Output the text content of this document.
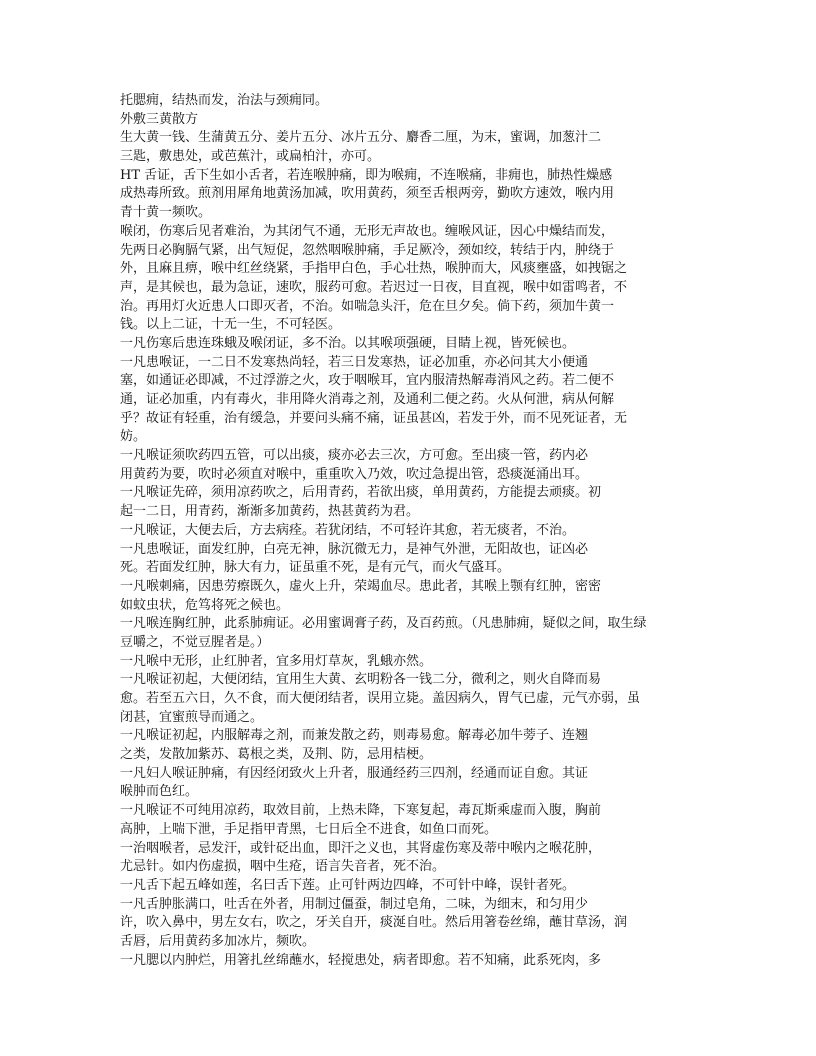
托腮痈，结热而发，治法与颈痈同。
外敷三黄散方
生大黄一钱、生蒲黄五分、姜片五分、冰片五分、麝香二厘，为末，蜜调，加葱汁二
三匙，敷患处，或芭蕉汁，或扁柏汁，亦可。
HT 舌证，舌下生如小舌者，若连喉肿痛，即为喉痈，不连喉痛，非痈也，肺热性燥感
成热毒所致。煎剂用犀角地黄汤加减，吹用黄药，须至舌根两旁，勤吹方速效，喉内用
青十黄一频吹。
喉闭，伤寒后见者难治，为其闭气不通，无形无声故也。缠喉风证，因心中燥结而发，
先两日必胸膈气紧，出气短促，忽然咽喉肿痛，手足厥冷，颈如绞，转结于内，肿绕于
外，且麻且痹，喉中红丝绕紧，手指甲白色，手心壮热，喉肿而大，风痰壅盛，如拽锯之
声，是其候也，最为急证，速吹，服药可愈。若迟过一日夜，目直视，喉中如雷鸣者，不
治。再用灯火近患人口即灭者，不治。如喘急头汗，危在旦夕矣。倘下药，须加牛黄一
钱。以上二证，十无一生，不可轻医。
一凡伤寒后患连珠蛾及喉闭证，多不治。以其喉项强硬，目睛上视，皆死候也。
一凡患喉证，一二日不发寒热尚轻，若三日发寒热，证必加重，亦必问其大小便通
塞，如通证必即减，不过浮游之火，攻于咽喉耳，宜内服清热解毒消风之药。若二便不
通，证必加重，内有毒火，非用降火消毒之剂，及通利二便之药。火从何泄，病从何解
乎？故证有轻重，治有缓急，并要问头痛不痛，证虽甚凶，若发于外，而不见死证者，无
妨。
一凡喉证须吹药四五管，可以出痰，痰亦必去三次，方可愈。至出痰一管，药内必
用黄药为要，吹时必须直对喉中，重重吹入乃效，吹过急提出管，恐痰涎涌出耳。
一凡喉证先碎，须用凉药吹之，后用青药，若欲出痰，单用黄药，方能提去顽痰。初
起一二日，用青药，渐渐多加黄药，热甚黄药为君。
一凡喉证，大便去后，方去病痊。若犹闭结，不可轻许其愈，若无痰者，不治。
一凡患喉证，面发红肿，白亮无神，脉沉微无力，是神气外泄，无阳故也，证凶必
死。若面发红肿，脉大有力，证虽重不死，是有元气，而火气盛耳。
一凡喉刺痛，因患劳瘵既久，虚火上升，荣竭血尽。患此者，其喉上颚有红肿，密密
如蚊虫状，危笃将死之候也。
一凡喉连胸红肿，此系肺痈证。必用蜜调膏子药，及百药煎。（凡患肺痈，疑似之间，取生绿
豆嚼之，不觉豆腥者是。）
一凡喉中无形，止红肿者，宜多用灯草灰，乳蛾亦然。
一凡喉证初起，大便闭结，宜用生大黄、玄明粉各一钱二分，微利之，则火自降而易
愈。若至五六日，久不食，而大便闭结者，误用立毙。盖因病久，胃气已虚，元气亦弱，虽
闭甚，宜蜜煎导而通之。
一凡喉证初起，内服解毒之剂，而兼发散之药，则毒易愈。解毒必加牛蒡子、连翘
之类，发散加紫苏、葛根之类，及荆、防，忌用桔梗。
一凡妇人喉证肿痛，有因经闭致火上升者，服通经药三四剂，经通而证自愈。其证
喉肿而色红。
一凡喉证不可纯用凉药，取效目前，上热未降，下寒复起，毒瓦斯乘虚而入腹，胸前
高肿，上喘下泄，手足指甲青黑，七日后全不进食，如鱼口而死。
一治咽喉者，忌发汗，或针砭出血，即汗之义也，其肾虚伤寒及蒂中喉内之喉花肿，
尤忌针。如内伤虚损，咽中生疮，语言失音者，死不治。
一凡舌下起五峰如莲，名曰舌下莲。止可针两边四峰，不可针中峰，误针者死。
一凡舌肿胀满口，吐舌在外者，用制过僵蚕，制过皂角，二味，为细末，和匀用少
许，吹入鼻中，男左女右，吹之，牙关自开，痰涎自吐。然后用箸卷丝绵，蘸甘草汤，润
舌唇，后用黄药多加冰片，频吹。
一凡腮以内肿烂，用箸扎丝绵蘸水，轻搅患处，病者即愈。若不知痛，此系死肉，多
